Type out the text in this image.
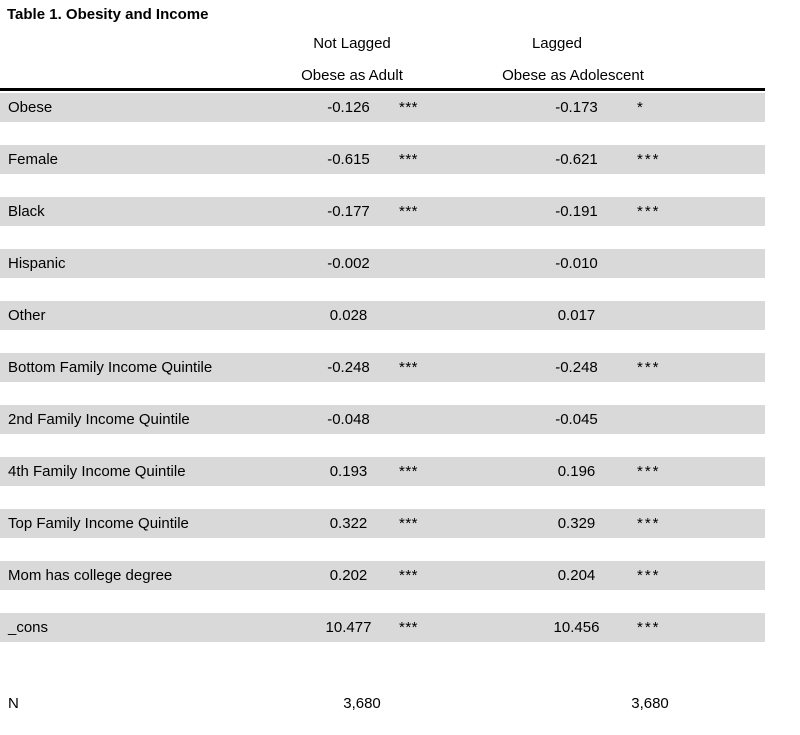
Table 1. Obesity and Income
Not Lagged	Lagged
Obese as Adult	Obese as Adolescent
Obese	-0.126	***	-0.173	*
Female	-0.615	***	-0.621	***
Black	-0.177	***	-0.191	***
Hispanic	-0.002	-0.010
Other	0.028	0.017
Bottom Family Income Quintile	-0.248	***	-0.248	***
2nd Family Income Quintile	-0.048	-0.045
4th Family Income Quintile	0.193	***	0.196	***
Top Family Income Quintile	0.322	***	0.329	***
Mom has college degree	0.202	***	0.204	***
_cons	10.477	***	10.456	***
N	3,680	3,680
